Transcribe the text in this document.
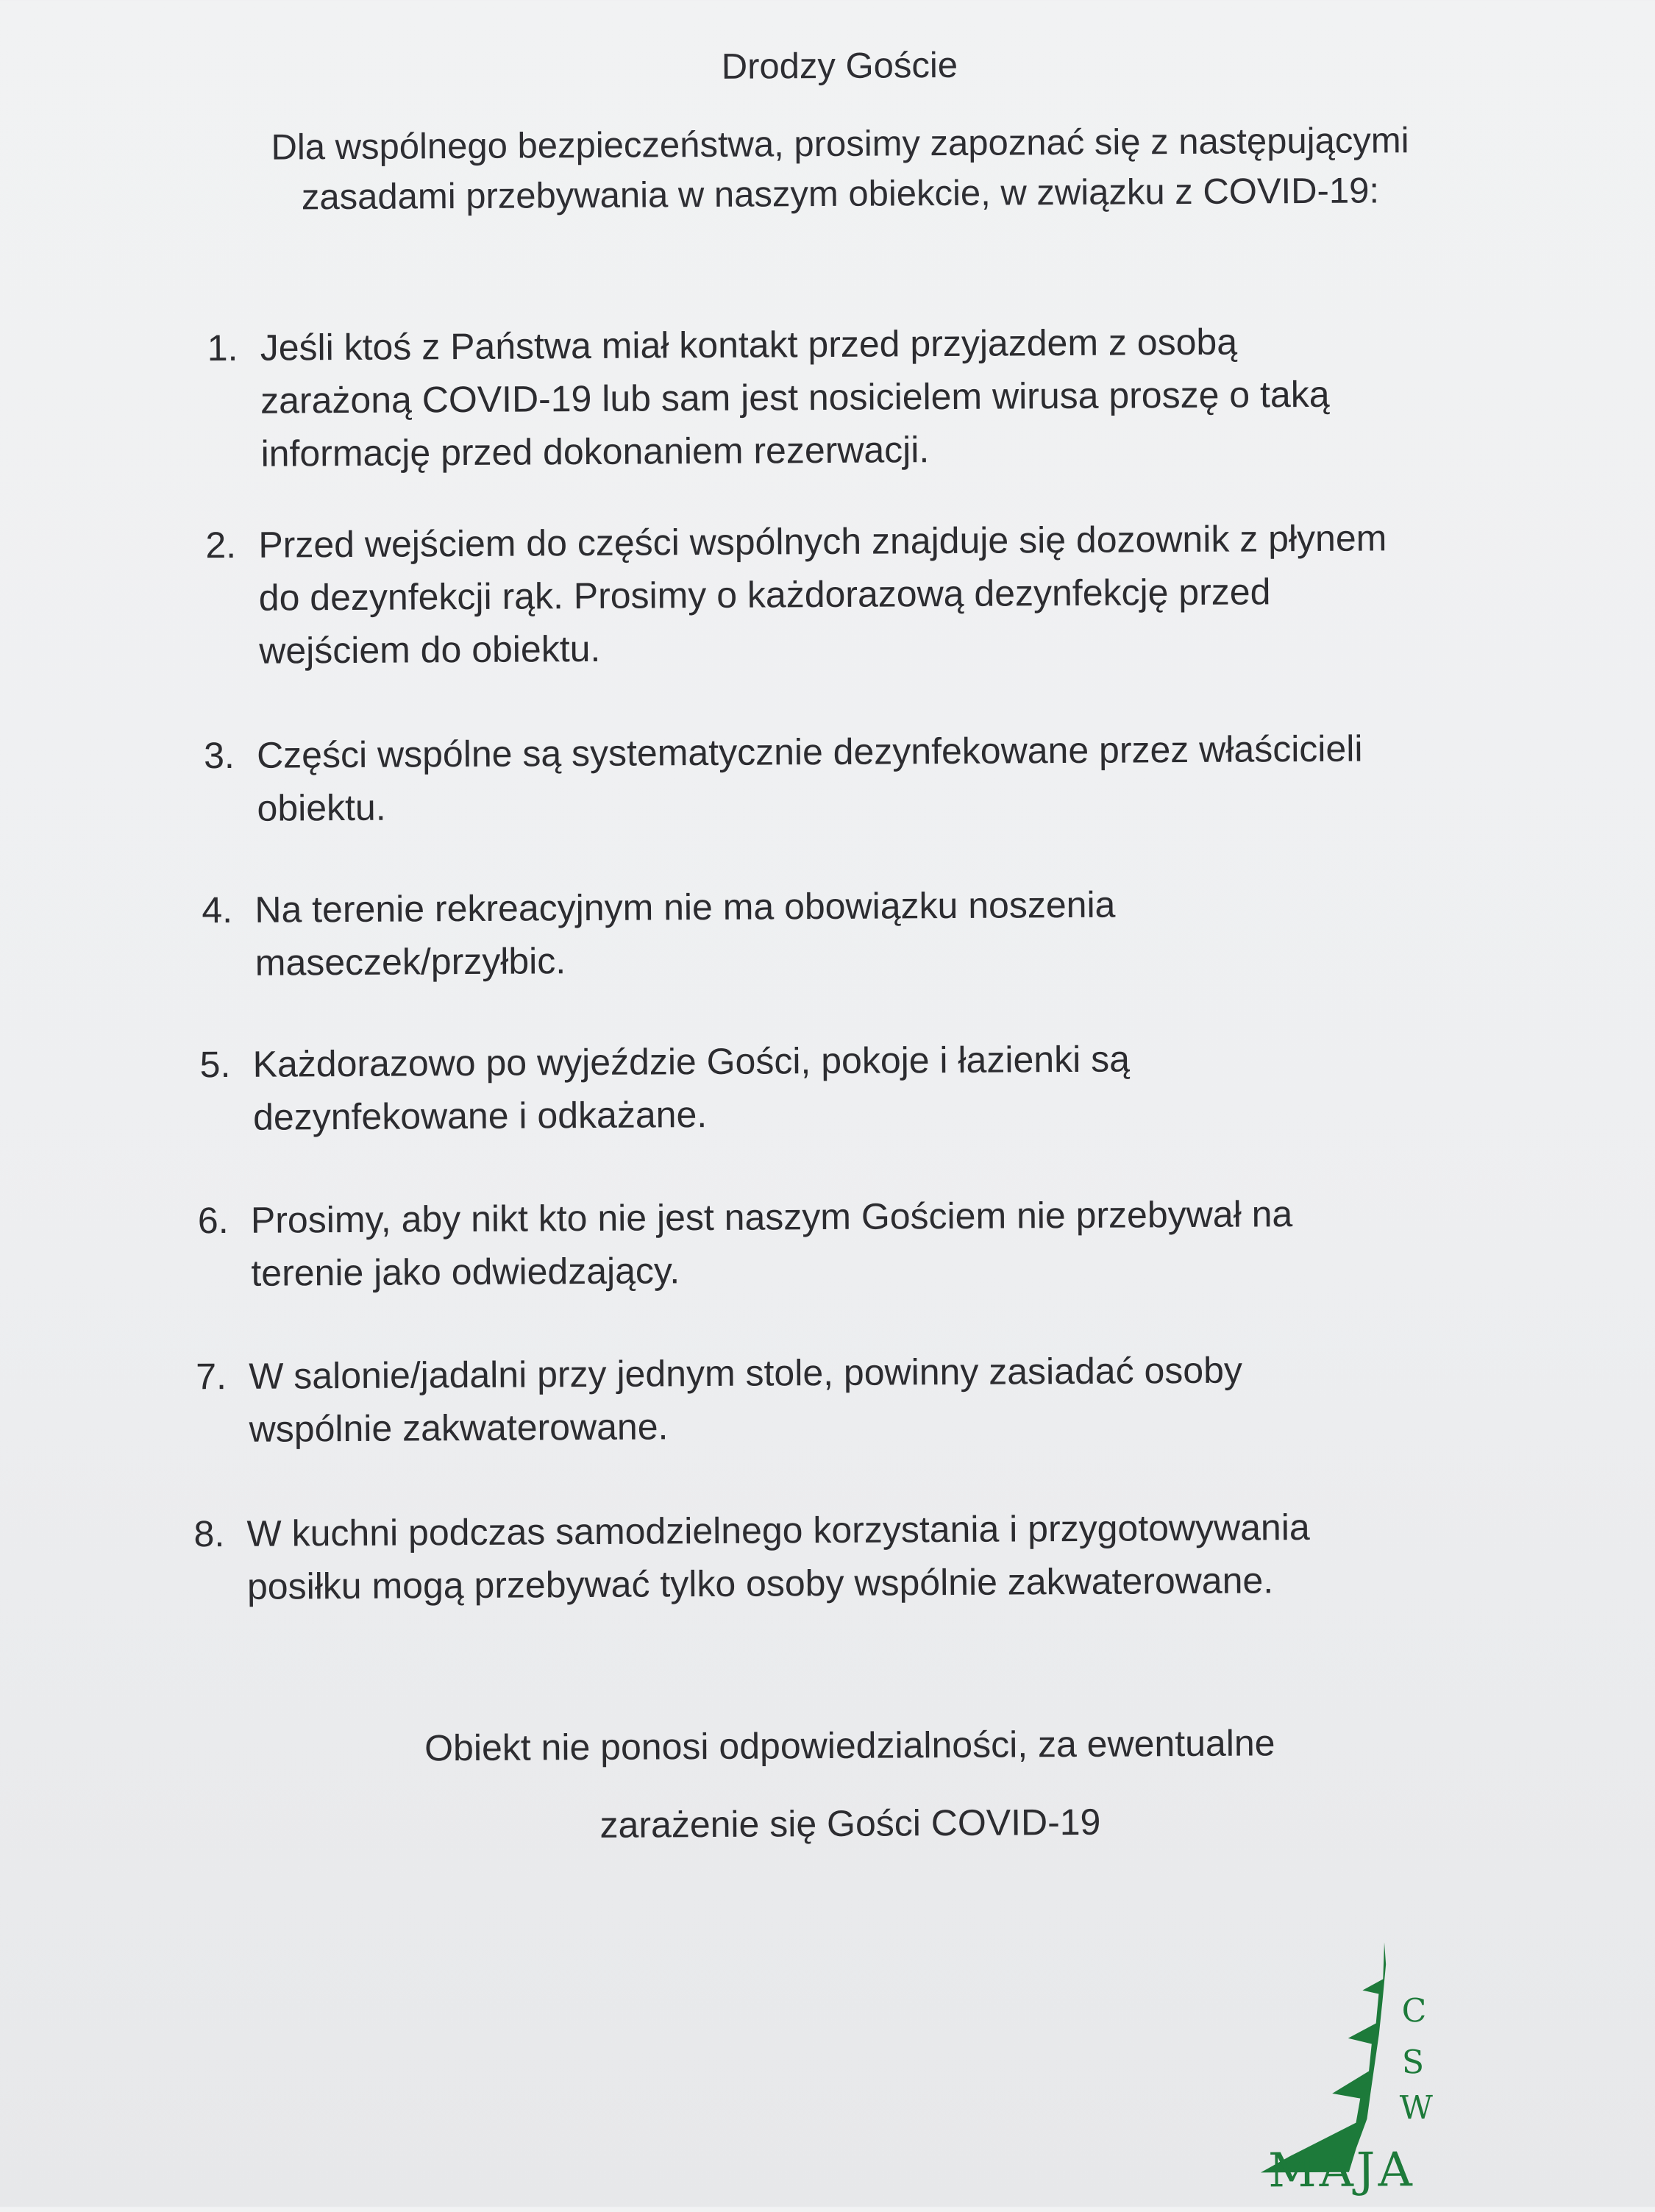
Drodzy Goście

Dla wspólnego bezpieczeństwa, prosimy zapoznać się z następującymi
zasadami przebywania w naszym obiekcie, w związku z COVID-19:

1. Jeśli ktoś z Państwa miał kontakt przed przyjazdem z osobą
zarażoną COVID-19 lub sam jest nosicielem wirusa proszę o taką
informację przed dokonaniem rezerwacji.
2. Przed wejściem do części wspólnych znajduje się dozownik z płynem
do dezynfekcji rąk. Prosimy o każdorazową dezynfekcję przed
wejściem do obiektu.
3. Części wspólne są systematycznie dezynfekowane przez właścicieli
obiektu.
4. Na terenie rekreacyjnym nie ma obowiązku noszenia
maseczek/przyłbic.
5. Każdorazowo po wyjeździe Gości, pokoje i łazienki są
dezynfekowane i odkażane.
6. Prosimy, aby nikt kto nie jest naszym Gościem nie przebywał na
terenie jako odwiedzający.
7. W salonie/jadalni przy jednym stole, powinny zasiadać osoby
wspólnie zakwaterowane.
8. W kuchni podczas samodzielnego korzystania i przygotowywania
posiłku mogą przebywać tylko osoby wspólnie zakwaterowane.
Obiekt nie ponosi odpowiedzialności, za ewentualne
zarażenie się Gości COVID-19
C
S
W
MAJA
